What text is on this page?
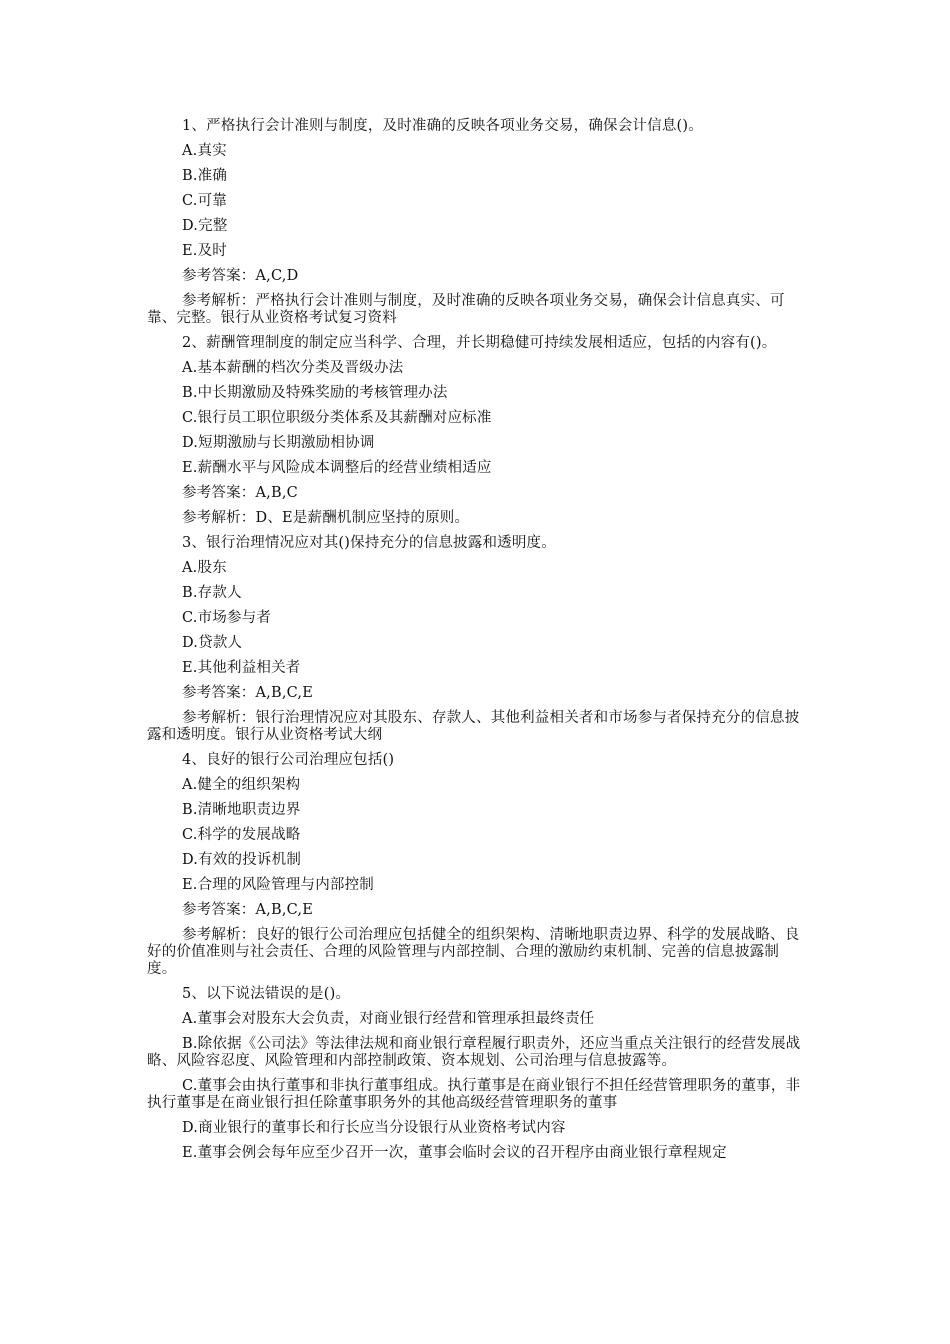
1、严格执行会计准则与制度，及时准确的反映各项业务交易，确保会计信息()。

A.真实

B.准确

C.可靠

D.完整

E.及时

参考答案：A,C,D

参考解析：严格执行会计准则与制度，及时准确的反映各项业务交易，确保会计信息真实、可靠、完整。银行从业资格考试复习资料

2、薪酬管理制度的制定应当科学、合理，并长期稳健可持续发展相适应，包括的内容有()。

A.基本薪酬的档次分类及晋级办法

B.中长期激励及特殊奖励的考核管理办法

C.银行员工职位职级分类体系及其薪酬对应标准

D.短期激励与长期激励相协调

E.薪酬水平与风险成本调整后的经营业绩相适应

参考答案：A,B,C

参考解析：D、E是薪酬机制应坚持的原则。

3、银行治理情况应对其()保持充分的信息披露和透明度。

A.股东

B.存款人

C.市场参与者

D.贷款人

E.其他利益相关者

参考答案：A,B,C,E

参考解析：银行治理情况应对其股东、存款人、其他利益相关者和市场参与者保持充分的信息披露和透明度。银行从业资格考试大纲

4、良好的银行公司治理应包括()

A.健全的组织架构

B.清晰地职责边界

C.科学的发展战略

D.有效的投诉机制

E.合理的风险管理与内部控制

参考答案：A,B,C,E

参考解析：良好的银行公司治理应包括健全的组织架构、清晰地职责边界、科学的发展战略、良好的价值准则与社会责任、合理的风险管理与内部控制、合理的激励约束机制、完善的信息披露制度。

5、以下说法错误的是()。

A.董事会对股东大会负责，对商业银行经营和管理承担最终责任

B.除依据《公司法》等法律法规和商业银行章程履行职责外，还应当重点关注银行的经营发展战略、风险容忍度、风险管理和内部控制政策、资本规划、公司治理与信息披露等。

C.董事会由执行董事和非执行董事组成。执行董事是在商业银行不担任经营管理职务的董事，非执行董事是在商业银行担任除董事职务外的其他高级经营管理职务的董事

D.商业银行的董事长和行长应当分设银行从业资格考试内容

E.董事会例会每年应至少召开一次，董事会临时会议的召开程序由商业银行章程规定
